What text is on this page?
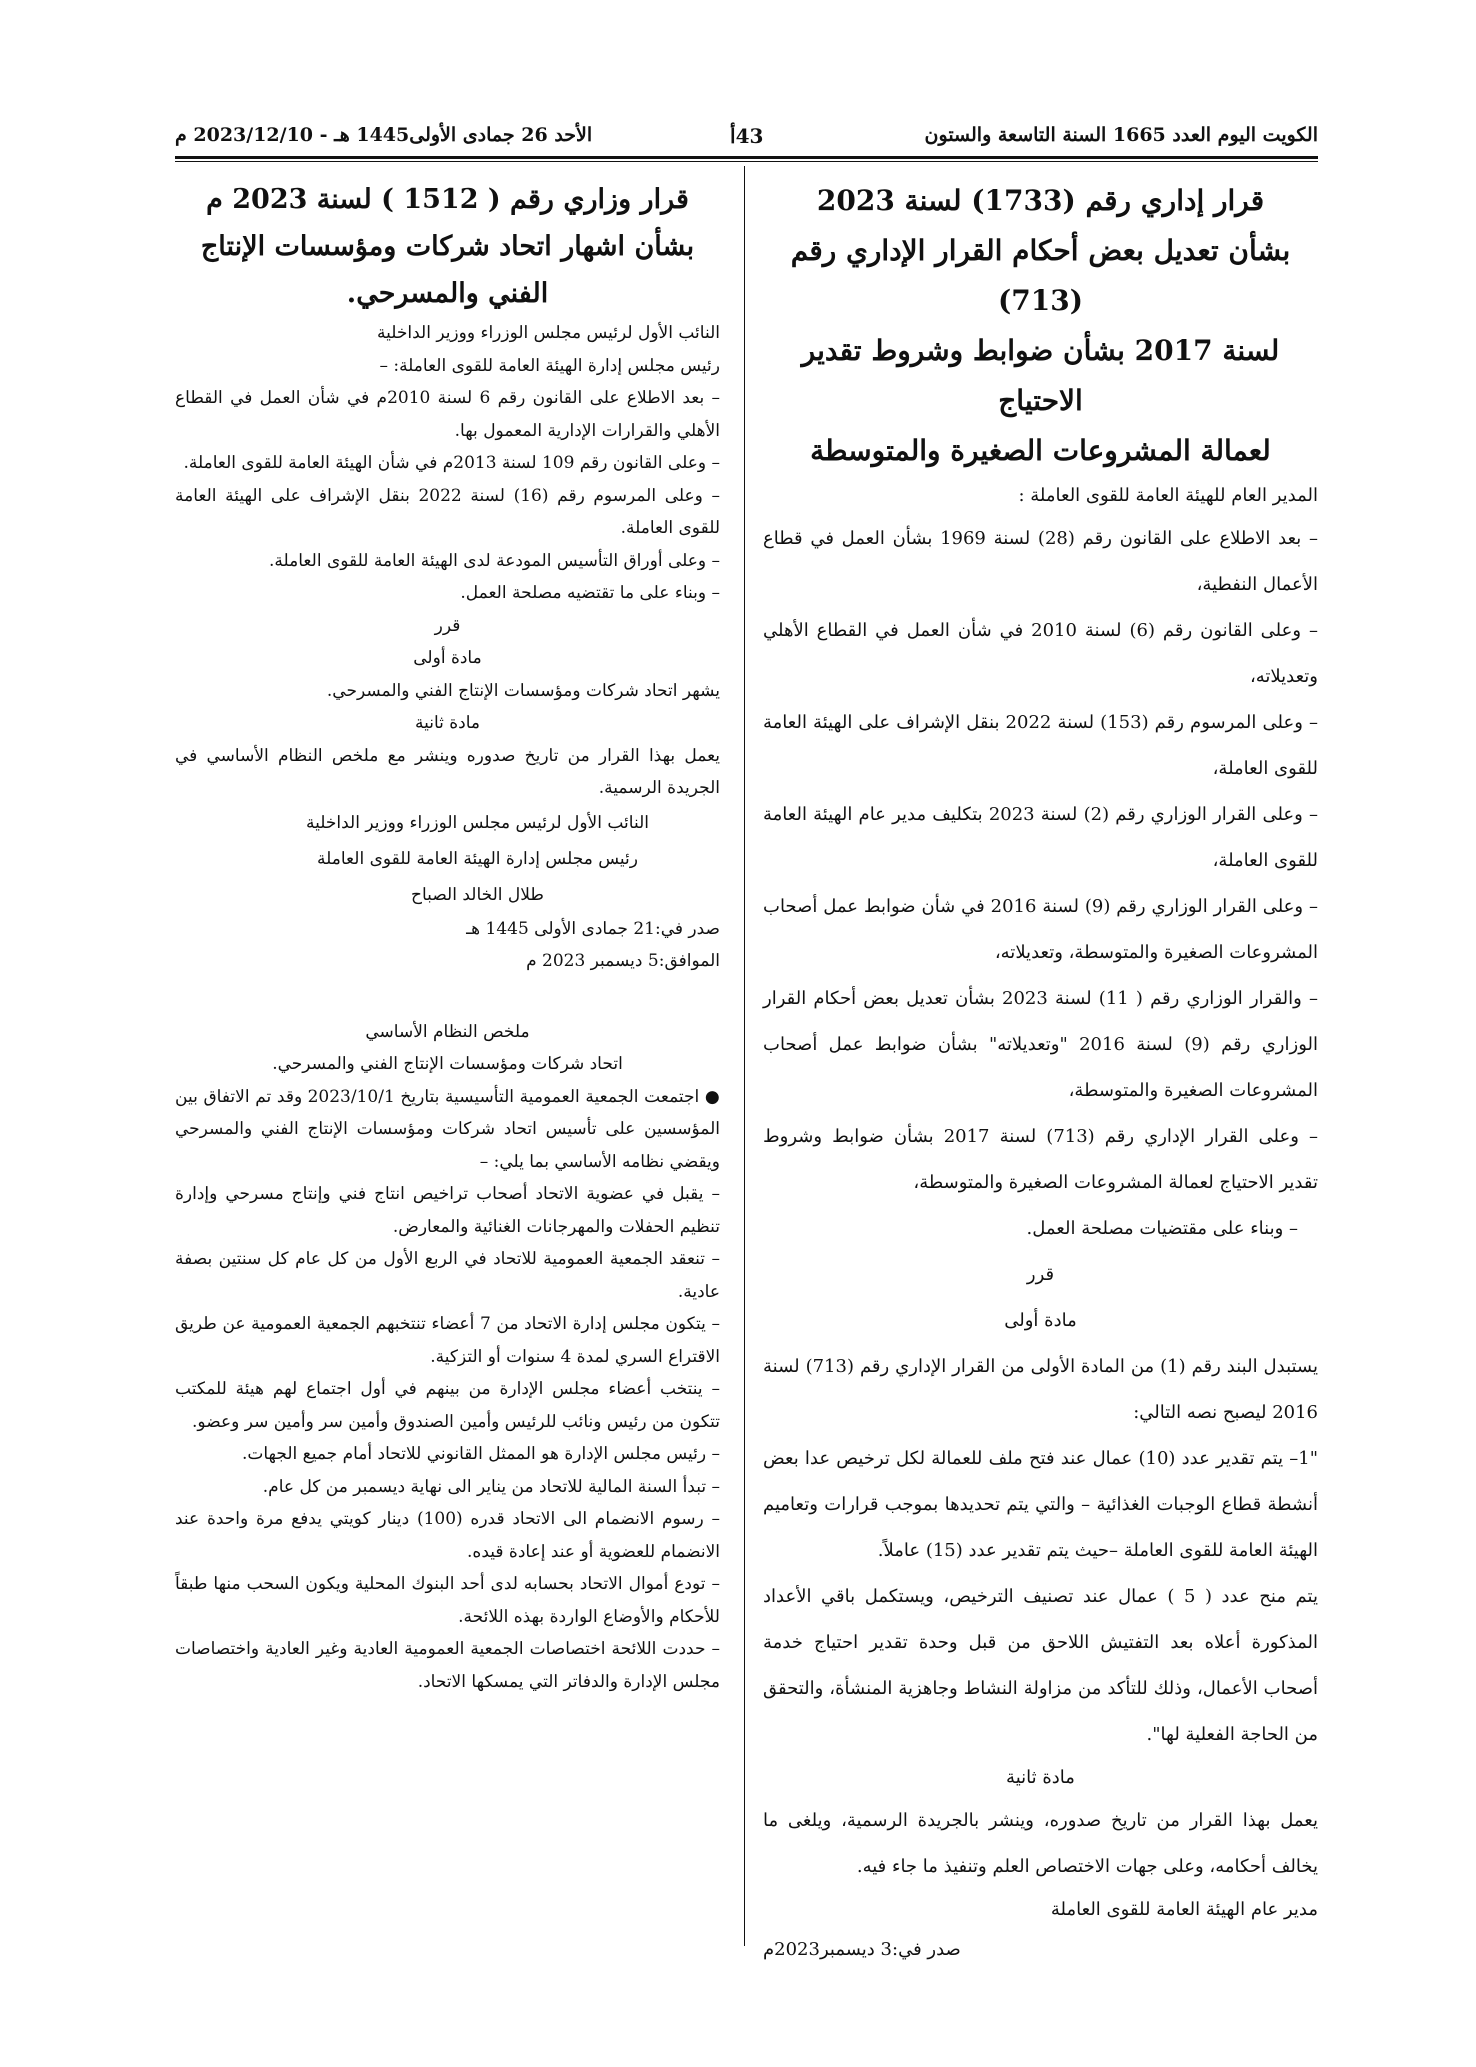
الكويت اليوم العدد 1665 السنة التاسعة والستون
43أ
الأحد 26 جمادى الأولى1445 هـ - 2023/12/10 م
قرار إداري رقم (1733) لسنة 2023
بشأن تعديل بعض أحكام القرار الإداري رقم (713)
لسنة 2017 بشأن ضوابط وشروط تقدير الاحتياج
لعمالة المشروعات الصغيرة والمتوسطة

المدير العام للهيئة العامة للقوى العاملة :

– بعد الاطلاع على القانون رقم (28) لسنة 1969 بشأن العمل في قطاع الأعمال النفطية،

– وعلى القانون رقم (6) لسنة 2010 في شأن العمل في القطاع الأهلي وتعديلاته،

– وعلى المرسوم رقم (153) لسنة 2022 بنقل الإشراف على الهيئة العامة للقوى العاملة،

– وعلى القرار الوزاري رقم (2) لسنة 2023 بتكليف مدير عام الهيئة العامة للقوى العاملة،

– وعلى القرار الوزاري رقم (9) لسنة 2016 في شأن ضوابط عمل أصحاب المشروعات الصغيرة والمتوسطة، وتعديلاته،

– والقرار الوزاري رقم ( 11) لسنة 2023 بشأن تعديل بعض أحكام القرار الوزاري رقم (9) لسنة 2016 "وتعديلاته" بشأن ضوابط عمل أصحاب المشروعات الصغيرة والمتوسطة،

– وعلى القرار الإداري رقم (713) لسنة 2017 بشأن ضوابط وشروط تقدير الاحتياج لعمالة المشروعات الصغيرة والمتوسطة،

– وبناء على مقتضيات مصلحة العمل.

قرر

مادة أولى

يستبدل البند رقم (1) من المادة الأولى من القرار الإداري رقم (713) لسنة 2016 ليصبح نصه التالي:

"1– يتم تقدير عدد (10) عمال عند فتح ملف للعمالة لكل ترخيص عدا بعض أنشطة قطاع الوجبات الغذائية – والتي يتم تحديدها بموجب قرارات وتعاميم الهيئة العامة للقوى العاملة –حيث يتم تقدير عدد (15) عاملاً.

يتم منح عدد ( 5 ) عمال عند تصنيف الترخيص، ويستكمل باقي الأعداد المذكورة أعلاه بعد التفتيش اللاحق من قبل وحدة تقدير احتياج خدمة أصحاب الأعمال، وذلك للتأكد من مزاولة النشاط وجاهزية المنشأة، والتحقق من الحاجة الفعلية لها".

مادة ثانية

يعمل بهذا القرار من تاريخ صدوره، وينشر بالجريدة الرسمية، ويلغى ما يخالف أحكامه، وعلى جهات الاختصاص العلم وتنفيذ ما جاء فيه.

مدير عام الهيئة العامة للقوى العاملة

صدر في:3 ديسمبر2023م

قرار وزاري رقم ( 1512 ) لسنة 2023 م
بشأن اشهار اتحاد شركات ومؤسسات الإنتاج
الفني والمسرحي.

النائب الأول لرئيس مجلس الوزراء ووزير الداخلية

رئيس مجلس إدارة الهيئة العامة للقوى العاملة: –

– بعد الاطلاع على القانون رقم 6 لسنة 2010م في شأن العمل في القطاع الأهلي والقرارات الإدارية المعمول بها.

– وعلى القانون رقم 109 لسنة 2013م في شأن الهيئة العامة للقوى العاملة.

– وعلى المرسوم رقم (16) لسنة 2022 بنقل الإشراف على الهيئة العامة للقوى العاملة.

– وعلى أوراق التأسيس المودعة لدى الهيئة العامة للقوى العاملة.

– وبناء على ما تقتضيه مصلحة العمل.

قرر

مادة أولى

يشهر اتحاد شركات ومؤسسات الإنتاج الفني والمسرحي.

مادة ثانية

يعمل بهذا القرار من تاريخ صدوره وينشر مع ملخص النظام الأساسي في الجريدة الرسمية.

النائب الأول لرئيس مجلس الوزراء ووزير الداخلية

رئيس مجلس إدارة الهيئة العامة للقوى العاملة

طلال الخالد الصباح

صدر في:21 جمادى الأولى 1445 هـ

الموافق:5 ديسمبر 2023 م

ملخص النظام الأساسي

اتحاد شركات ومؤسسات الإنتاج الفني والمسرحي.

● اجتمعت الجمعية العمومية التأسيسية بتاريخ 2023/10/1 وقد تم الاتفاق بين المؤسسين على تأسيس اتحاد شركات ومؤسسات الإنتاج الفني والمسرحي ويقضي نظامه الأساسي بما يلي: –

– يقبل في عضوية الاتحاد أصحاب تراخيص انتاج فني وإنتاج مسرحي وإدارة تنظيم الحفلات والمهرجانات الغنائية والمعارض.

– تنعقد الجمعية العمومية للاتحاد في الربع الأول من كل عام كل سنتين بصفة عادية.

– يتكون مجلس إدارة الاتحاد من 7 أعضاء تنتخبهم الجمعية العمومية عن طريق الاقتراع السري لمدة 4 سنوات أو التزكية.

– ينتخب أعضاء مجلس الإدارة من بينهم في أول اجتماع لهم هيئة للمكتب تتكون من رئيس ونائب للرئيس وأمين الصندوق وأمين سر وأمين سر وعضو.

– رئيس مجلس الإدارة هو الممثل القانوني للاتحاد أمام جميع الجهات.

– تبدأ السنة المالية للاتحاد من يناير الى نهاية ديسمبر من كل عام.

– رسوم الانضمام الى الاتحاد قدره (100) دينار كويتي يدفع مرة واحدة عند الانضمام للعضوية أو عند إعادة قيده.

– تودع أموال الاتحاد بحسابه لدى أحد البنوك المحلية ويكون السحب منها طبقاً للأحكام والأوضاع الواردة بهذه اللائحة.

– حددت اللائحة اختصاصات الجمعية العمومية العادية وغير العادية واختصاصات مجلس الإدارة والدفاتر التي يمسكها الاتحاد.
